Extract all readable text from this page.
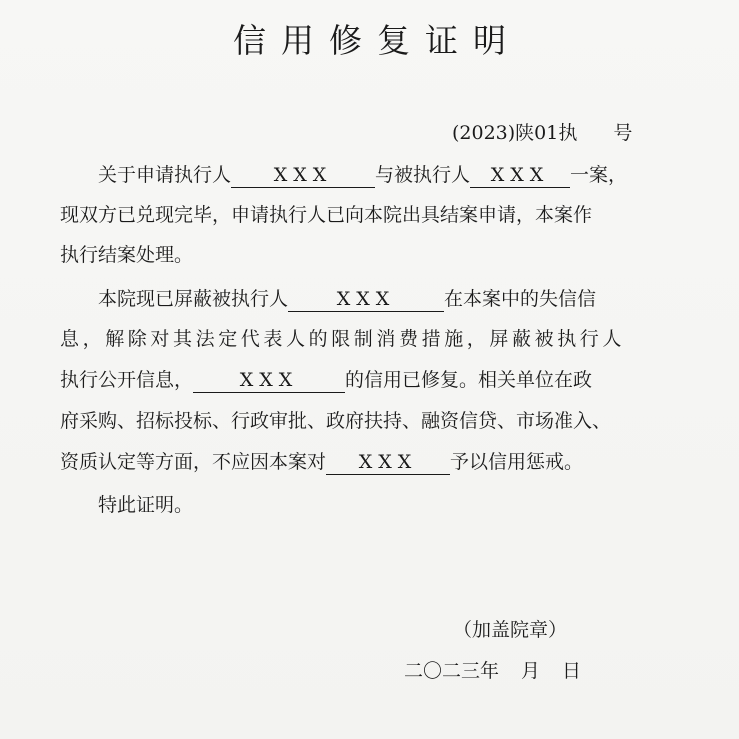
信用修复证明
(2023)陕01执 号
关于申请执行人 XXX 与被执行人 XXX 一案，
现双方已兑现完毕，申请执行人已向本院出具结案申请，本案作
执行结案处理。
本院现已屏蔽被执行人	XXX	在本案中的失信信
息，解除对其法定代表人的限制消费措施，屏蔽被执行人
执行公开信息， XXX 的信用已修复。相关单位在政
府采购、招标投标、行政审批、政府扶持、融资信贷、市场准入、
资质认定等方面，不应因本案对 XXX 予以信用惩戒。
特此证明。
（加盖院章）
二〇二三年 月 日
